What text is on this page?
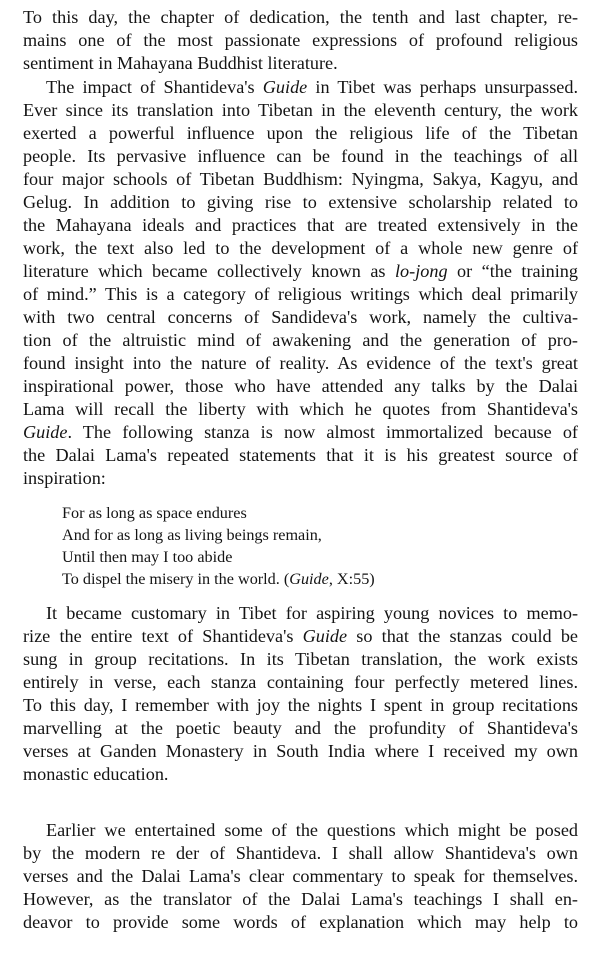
To this day, the chapter of dedication, the tenth and last chapter, re-
mains one of the most passionate expressions of profound religious
sentiment in Mahayana Buddhist literature.
The impact of Shantideva's Guide in Tibet was perhaps unsurpassed.
Ever since its translation into Tibetan in the eleventh century, the work
exerted a powerful influence upon the religious life of the Tibetan
people. Its pervasive influence can be found in the teachings of all
four major schools of Tibetan Buddhism: Nyingma, Sakya, Kagyu, and
Gelug. In addition to giving rise to extensive scholarship related to
the Mahayana ideals and practices that are treated extensively in the
work, the text also led to the development of a whole new genre of
literature which became collectively known as lo-jong or “the training
of mind.” This is a category of religious writings which deal primarily
with two central concerns of Sandideva's work, namely the cultiva-
tion of the altruistic mind of awakening and the generation of pro-
found insight into the nature of reality. As evidence of the text's great
inspirational power, those who have attended any talks by the Dalai
Lama will recall the liberty with which he quotes from Shantideva's
Guide. The following stanza is now almost immortalized because of
the Dalai Lama's repeated statements that it is his greatest source of
inspiration:
For as long as space endures
And for as long as living beings remain,
Until then may I too abide
To dispel the misery in the world. (Guide, X:55)
It became customary in Tibet for aspiring young novices to memo-
rize the entire text of Shantideva's Guide so that the stanzas could be
sung in group recitations. In its Tibetan translation, the work exists
entirely in verse, each stanza containing four perfectly metered lines.
To this day, I remember with joy the nights I spent in group recitations
marvelling at the poetic beauty and the profundity of Shantideva's
verses at Ganden Monastery in South India where I received my own
monastic education.
Earlier we entertained some of the questions which might be posed
by the modern re der of Shantideva. I shall allow Shantideva's own
verses and the Dalai Lama's clear commentary to speak for themselves.
However, as the translator of the Dalai Lama's teachings I shall en-
deavor to provide some words of explanation which may help to
